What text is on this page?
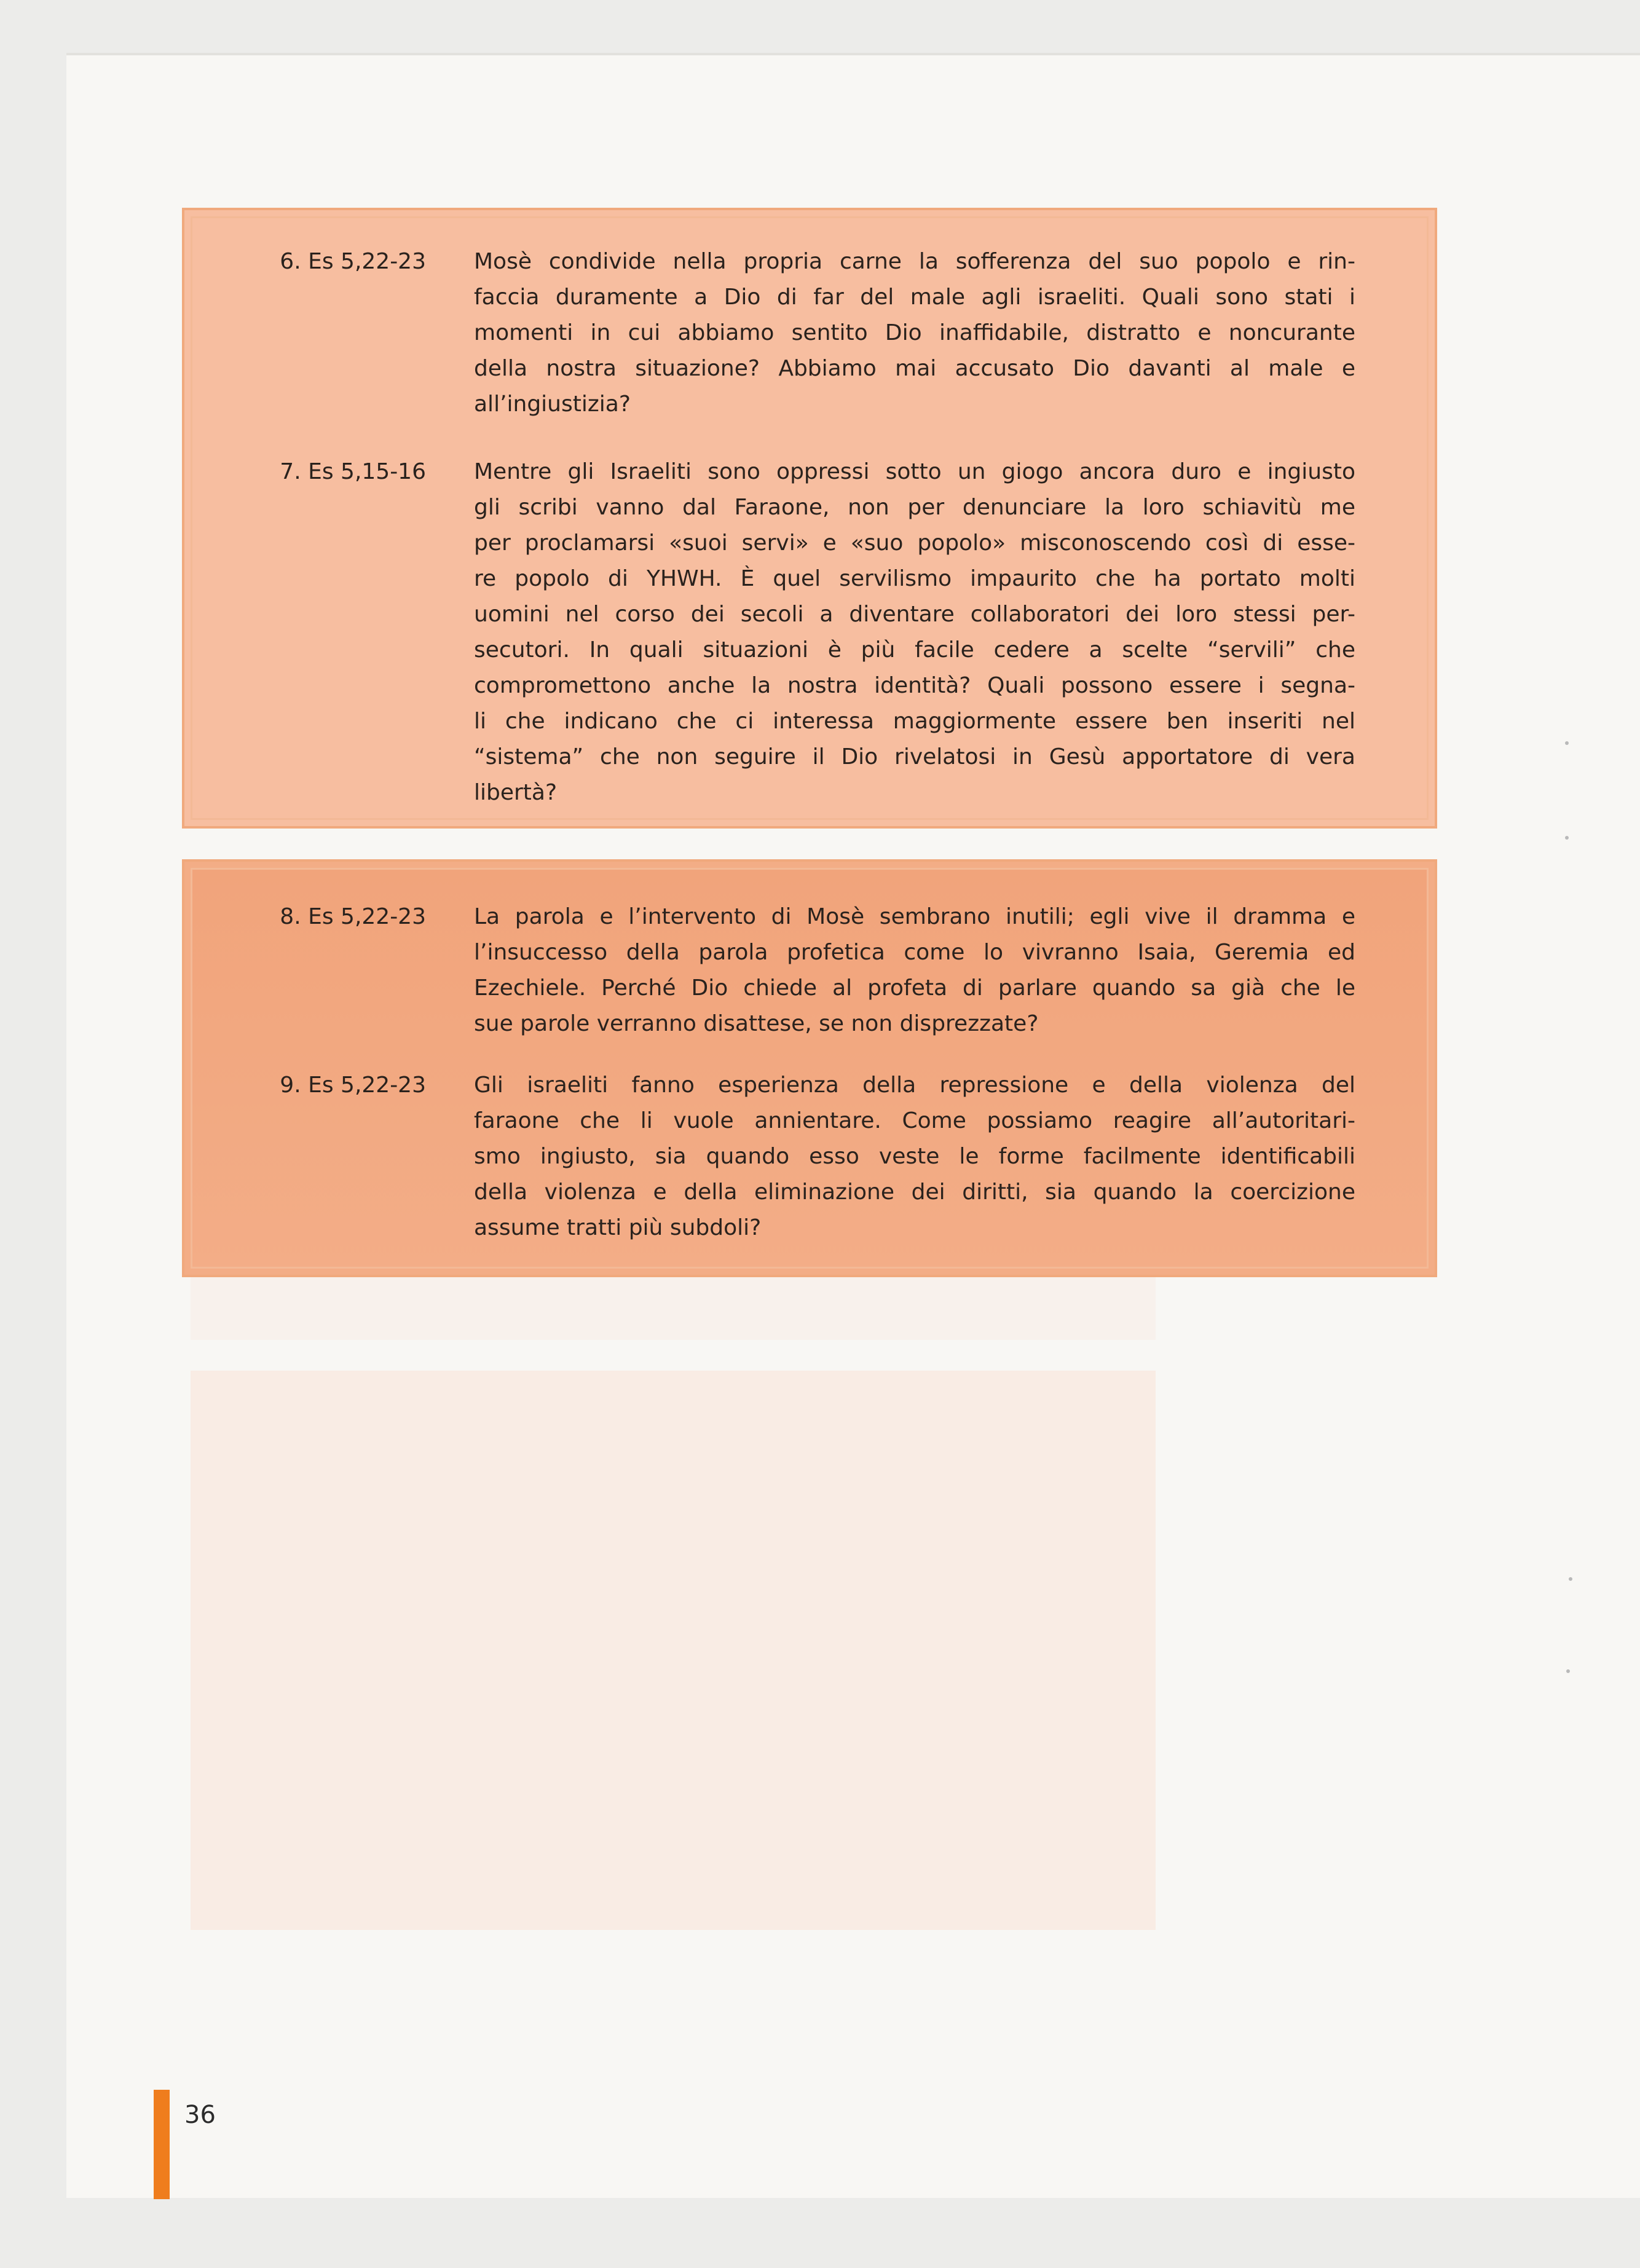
6. Es 5,22-23 Mosè condivide nella propria carne la sofferenza del suo popolo e rin-
faccia duramente a Dio di far del male agli israeliti. Quali sono stati i
momenti in cui abbiamo sentito Dio inaffidabile, distratto e noncurante
della nostra situazione? Abbiamo mai accusato Dio davanti al male e
all’ingiustizia?

7. Es 5,15-16 Mentre gli Israeliti sono oppressi sotto un giogo ancora duro e ingiusto
gli scribi vanno dal Faraone, non per denunciare la loro schiavitù me
per proclamarsi «suoi servi» e «suo popolo» misconoscendo così di esse-
re popolo di YHWH. È quel servilismo impaurito che ha portato molti
uomini nel corso dei secoli a diventare collaboratori dei loro stessi per-
secutori. In quali situazioni è più facile cedere a scelte “servili” che
compromettono anche la nostra identità? Quali possono essere i segna-
li che indicano che ci interessa maggiormente essere ben inseriti nel
“sistema” che non seguire il Dio rivelatosi in Gesù apportatore di vera
libertà?

8. Es 5,22-23 La parola e l’intervento di Mosè sembrano inutili; egli vive il dramma e
l’insuccesso della parola profetica come lo vivranno Isaia, Geremia ed
Ezechiele. Perché Dio chiede al profeta di parlare quando sa già che le
sue parole verranno disattese, se non disprezzate?

9. Es 5,22-23 Gli israeliti fanno esperienza della repressione e della violenza del
faraone che li vuole annientare. Come possiamo reagire all’autoritari-
smo ingiusto, sia quando esso veste le forme facilmente identificabili
della violenza e della eliminazione dei diritti, sia quando la coercizione
assume tratti più subdoli?

36
